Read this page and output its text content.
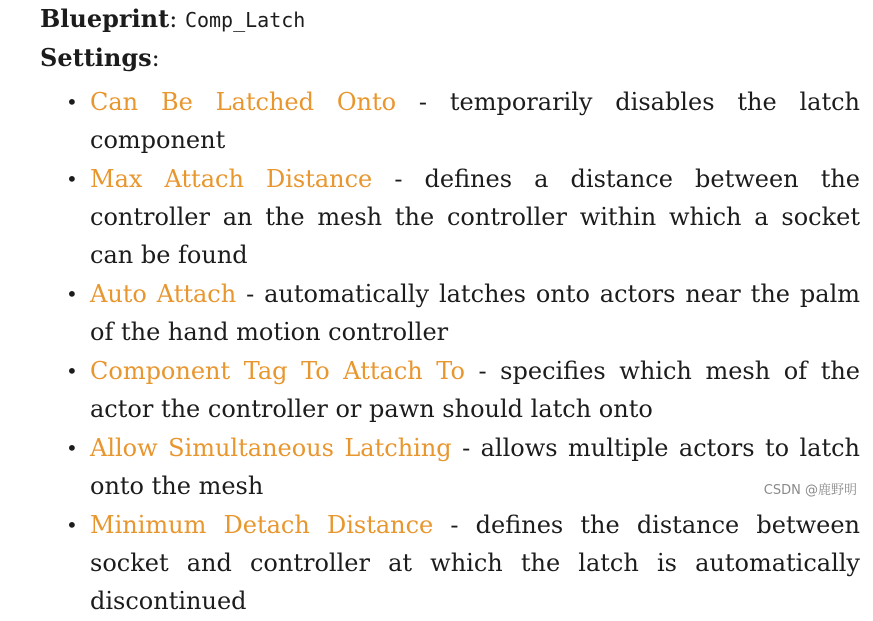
Blueprint: Comp_Latch
Settings:
• Can Be Latched Onto - temporarily disables the latch component
• Max Attach Distance - defines a distance between the controller an the mesh the controller within which a socket can be found
• Auto Attach - automatically latches onto actors near the palm of the hand motion controller
• Component Tag To Attach To - specifies which mesh of the actor the controller or pawn should latch onto
• Allow Simultaneous Latching - allows multiple actors to latch onto the mesh
• Minimum Detach Distance - defines the distance between socket and controller at which the latch is automatically discontinued
CSDN @鹿野明
